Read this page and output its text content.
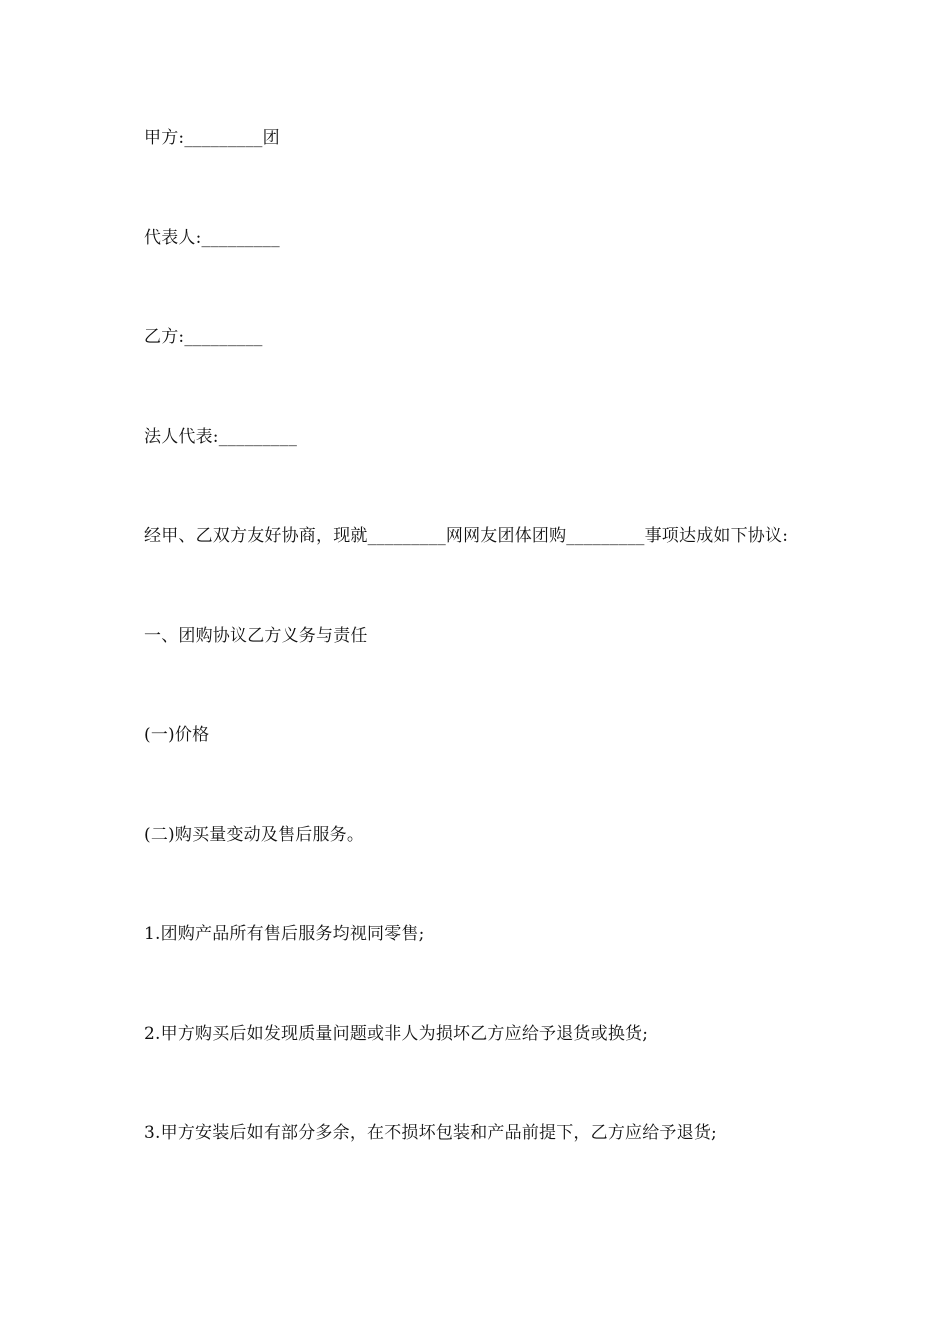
甲方:_________团
代表人:_________
乙方:_________
法人代表:_________
经甲、乙双方友好协商，现就_________网网友团体团购_________事项达成如下协议:
一、团购协议乙方义务与责任
(一)价格
(二)购买量变动及售后服务。
1.团购产品所有售后服务均视同零售;
2.甲方购买后如发现质量问题或非人为损坏乙方应给予退货或换货;
3.甲方安装后如有部分多余，在不损坏包装和产品前提下，乙方应给予退货;
